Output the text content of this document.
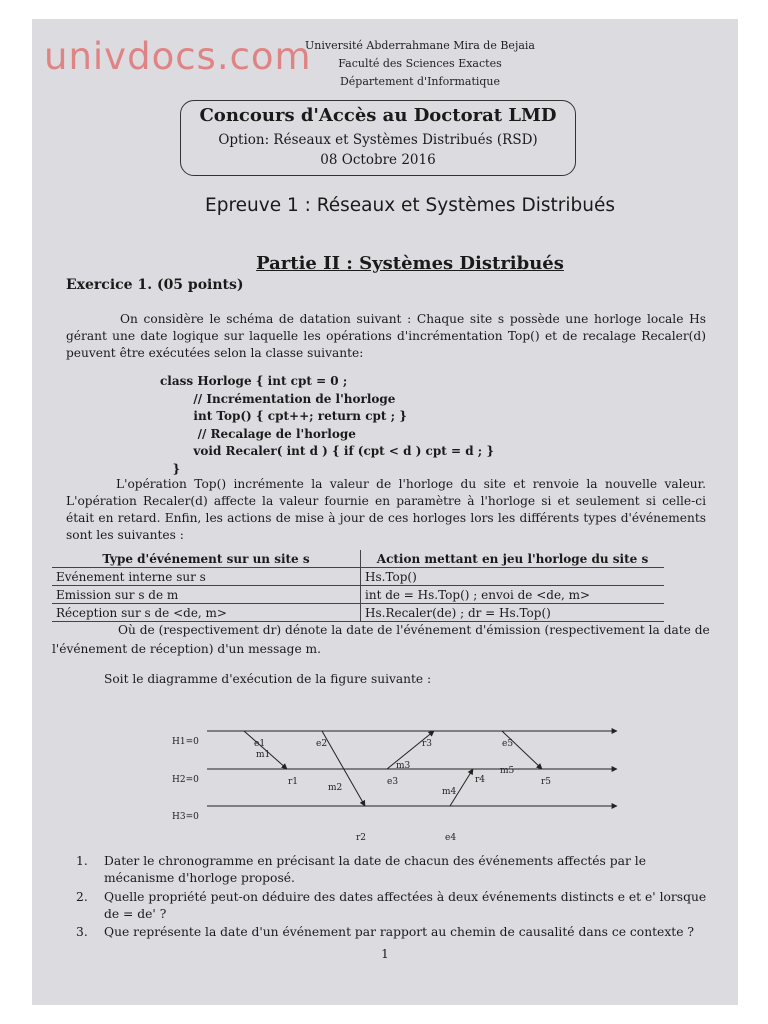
univdocs.com
Université Abderrahmane Mira de Bejaia
Faculté des Sciences Exactes
Département d'Informatique
Concours d'Accès au Doctorat LMD
Option: Réseaux et Systèmes Distribués (RSD)
08 Octobre 2016
Epreuve 1 : Réseaux et Systèmes Distribués
Partie II : Systèmes Distribués
Exercice 1. (05 points)
On considère le schéma de datation suivant : Chaque site s possède une horloge locale Hs gérant une date logique sur laquelle les opérations d'incrémentation Top() et de recalage Recaler(d) peuvent être exécutées selon la classe suivante:
class Horloge { int cpt = 0 ;
// Incrémentation de l'horloge
int Top() { cpt++; return cpt ; }
// Recalage de l'horloge
void Recaler( int d ) { if (cpt < d ) cpt = d ; }
}
L'opération Top() incrémente la valeur de l'horloge du site et renvoie la nouvelle valeur. L'opération Recaler(d) affecte la valeur fournie en paramètre à l'horloge si et seulement si celle-ci était en retard. Enfin, les actions de mise à jour de ces horloges lors les différents types d'événements sont les suivantes :
Type d'événement sur un site s	Action mettant en jeu l'horloge du site s
Evénement interne sur s	Hs.Top()
Emission sur s de m	int de = Hs.Top() ; envoi de <de, m>
Réception sur s de <de, m>	Hs.Recaler(de) ; dr = Hs.Top()
Où de (respectivement dr) dénote la date de l'événement d'émission (respectivement la date de l'événement de réception) d'un message m.
Soit le diagramme d'exécution de la figure suivante :
H1=0
H2=0
H3=0
e1	e2	r3	e5
r1	e3	r4	r5
r2	e4
m1
m2
m3
m4
m5
1. Dater le chronogramme en précisant la date de chacun des événements affectés par le mécanisme d'horloge proposé.
2. Quelle propriété peut-on déduire des dates affectées à deux événements distincts e et e' lorsque de = de' ?
3. Que représente la date d'un événement par rapport au chemin de causalité dans ce contexte ?
1
